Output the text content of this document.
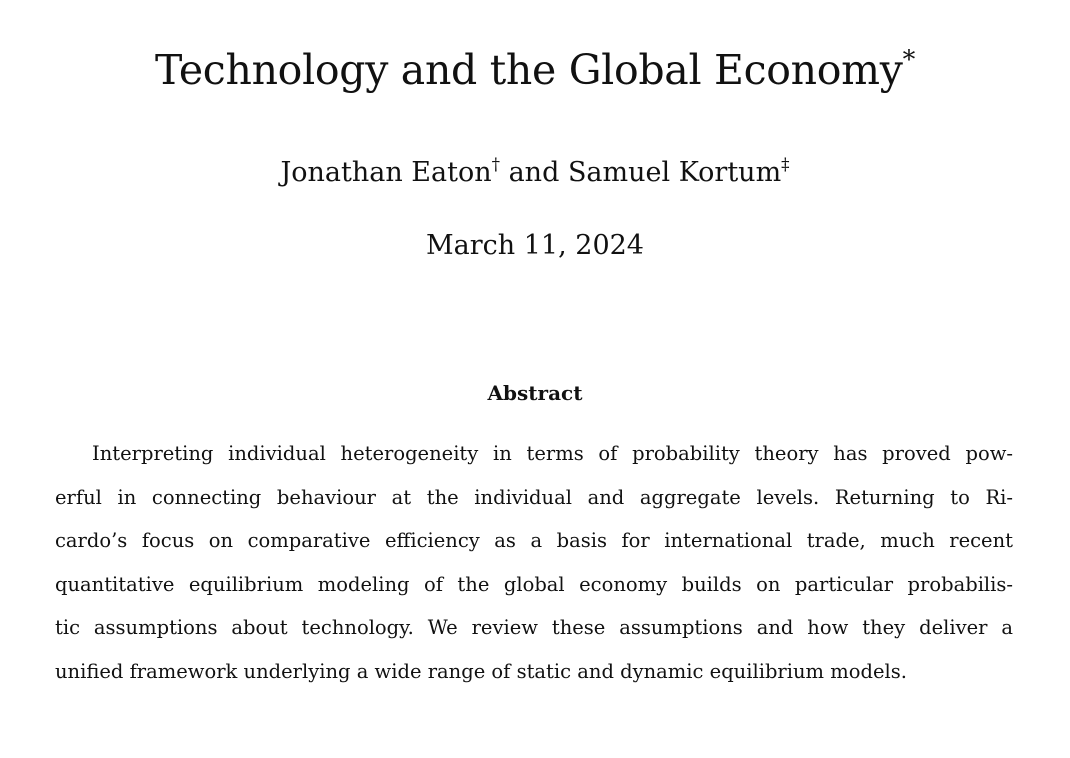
Technology and the Global Economy*
Jonathan Eaton† and Samuel Kortum‡
March 11, 2024
Abstract
Interpreting individual heterogeneity in terms of probability theory has proved pow-
erful in connecting behaviour at the individual and aggregate levels. Returning to Ri-
cardo’s focus on comparative efficiency as a basis for international trade, much recent
quantitative equilibrium modeling of the global economy builds on particular probabilis-
tic assumptions about technology. We review these assumptions and how they deliver a
unified framework underlying a wide range of static and dynamic equilibrium models.
